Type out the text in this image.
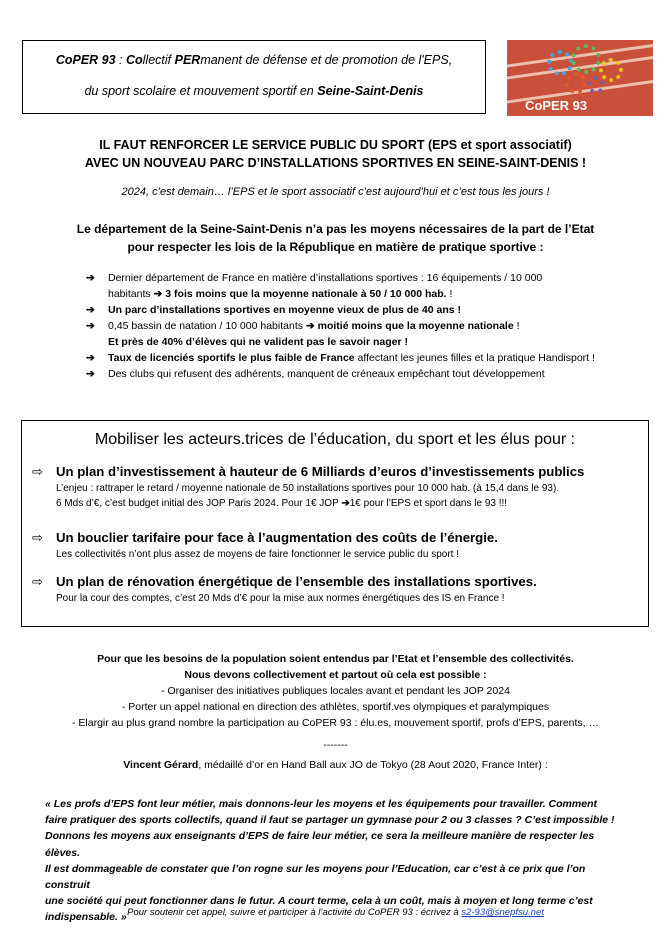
CoPER 93 : Collectif PERmanent de défense et de promotion de l'EPS,
du sport scolaire et mouvement sportif en Seine-Saint-Denis
CoPER 93
IL FAUT RENFORCER LE SERVICE PUBLIC DU SPORT (EPS et sport associatif)
AVEC UN NOUVEAU PARC D’INSTALLATIONS SPORTIVES EN SEINE-SAINT-DENIS !
2024, c’est demain… l’EPS et le sport associatif c’est aujourd’hui et c’est tous les jours !
Le département de la Seine-Saint-Denis n’a pas les moyens nécessaires de la part de l’Etat
pour respecter les lois de la République en matière de pratique sportive :
➔ Dernier département de France en matière d’installations sportives : 16 équipements / 10 000
habitants ➔ 3 fois moins que la moyenne nationale à 50 / 10 000 hab. !
➔ Un parc d’installations sportives en moyenne vieux de plus de 40 ans !
➔ 0,45 bassin de natation / 10 000 habitants ➔ moitié moins que la moyenne nationale !
Et près de 40% d’élèves qui ne valident pas le savoir nager !
➔ Taux de licenciés sportifs le plus faible de France affectant les jeunes filles et la pratique Handisport !
➔ Des clubs qui refusent des adhérents, manquent de créneaux empêchant tout développement
Mobiliser les acteurs.trices de l’éducation, du sport et les élus pour :
⇨ Un plan d’investissement à hauteur de 6 Milliards d’euros d’investissements publics
L’enjeu : rattraper le retard / moyenne nationale de 50 installations sportives pour 10 000 hab. (à 15,4 dans le 93).
6 Mds d’€, c’est budget initial des JOP Paris 2024. Pour 1€ JOP ➔1€ pour l’EPS et sport dans le 93 !!!
⇨ Un bouclier tarifaire pour face à l’augmentation des coûts de l’énergie.
Les collectivités n’ont plus assez de moyens de faire fonctionner le service public du sport !
⇨ Un plan de rénovation énergétique de l’ensemble des installations sportives.
Pour la cour des comptes, c’est 20 Mds d’€ pour la mise aux normes énergétiques des IS en France !
Pour que les besoins de la population soient entendus par l’Etat et l’ensemble des collectivités.
Nous devons collectivement et partout où cela est possible :
- Organiser des initiatives publiques locales avant et pendant les JOP 2024
- Porter un appel national en direction des athlètes, sportif.ves olympiques et paralympiques
- Elargir au plus grand nombre la participation au CoPER 93 : élu.es, mouvement sportif, profs d’EPS, parents, …
-------
Vincent Gérard, médaillé d’or en Hand Ball aux JO de Tokyo (28 Aout 2020, France Inter) :
« Les profs d’EPS font leur métier, mais donnons-leur les moyens et les équipements pour travailler. Comment
faire pratiquer des sports collectifs, quand il faut se partager un gymnase pour 2 ou 3 classes ? C’est impossible !
Donnons les moyens aux enseignants d’EPS de faire leur métier, ce sera la meilleure manière de respecter les élèves.
Il est dommageable de constater que l’on rogne sur les moyens pour l’Education, car c’est à ce prix que l’on construit
une société qui peut fonctionner dans le futur. A court terme, cela à un coût, mais à moyen et long terme c’est
indispensable. » Pour soutenir cet appel, suivre et participer à l’activité du CoPER 93 : écrivez à s2-93@snepfsu.net
